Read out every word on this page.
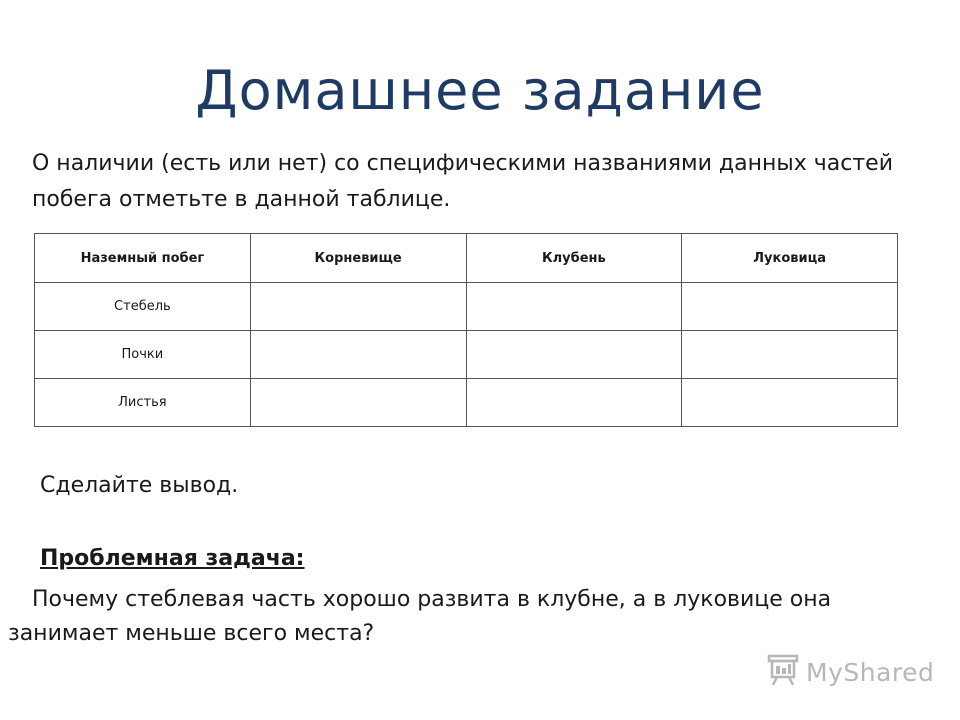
Домашнее задание

О наличии (есть или нет) со специфическими названиями данных частей побега отметьте в данной таблице.

Наземный побег	Корневище	Клубень	Луковица
Стебель			
Почки			
Листья			

Сделайте вывод.

Проблемная задача:

Почему стеблевая часть хорошо развита в клубне, а в луковице она занимает меньше всего места?

MyShared
